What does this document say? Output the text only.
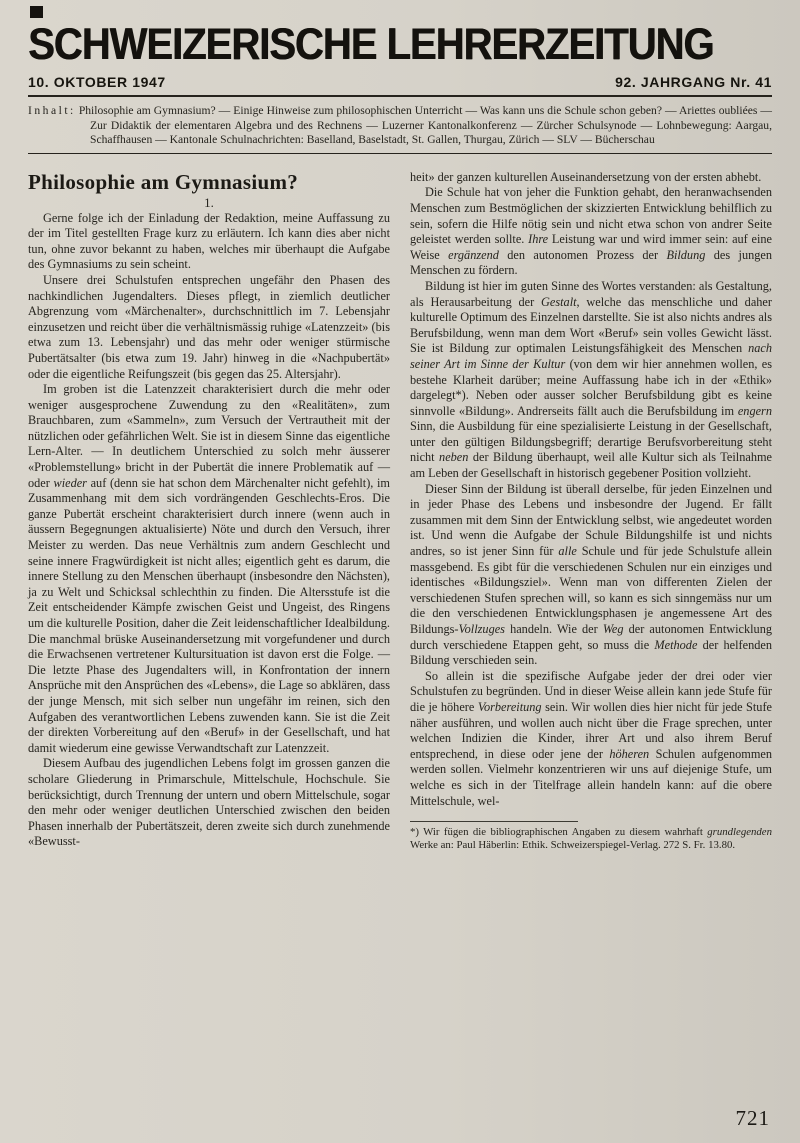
SCHWEIZERISCHE LEHRERZEITUNG
10. OKTOBER 1947	92. JAHRGANG Nr. 41

Inhalt: Philosophie am Gymnasium? — Einige Hinweise zum philosophischen Unterricht — Was kann uns die Schule schon geben? — Ariettes oubliées — Zur Didaktik der elementaren Algebra und des Rechnens — Luzerner Kantonalkonferenz — Zürcher Schulsynode — Lohnbewegung: Aargau, Schaffhausen — Kantonale Schulnachrichten: Baselland, Baselstadt, St. Gallen, Thurgau, Zürich — SLV — Bücherschau

Philosophie am Gymnasium?

1.

Gerne folge ich der Einladung der Redaktion, meine Auffassung zu der im Titel gestellten Frage kurz zu erläutern. Ich kann dies aber nicht tun, ohne zuvor bekannt zu haben, welches mir überhaupt die Aufgabe des Gymnasiums zu sein scheint.

Unsere drei Schulstufen entsprechen ungefähr den Phasen des nachkindlichen Jugendalters. Dieses pflegt, in ziemlich deutlicher Abgrenzung vom «Märchenalter», durchschnittlich im 7. Lebensjahr einzusetzen und reicht über die verhältnismässig ruhige «Latenzzeit» (bis etwa zum 13. Lebensjahr) und das mehr oder weniger stürmische Pubertätsalter (bis etwa zum 19. Jahr) hinweg in die «Nachpubertät» oder die eigentliche Reifungszeit (bis gegen das 25. Altersjahr).

Im groben ist die Latenzzeit charakterisiert durch die mehr oder weniger ausgesprochene Zuwendung zu den «Realitäten», zum Brauchbaren, zum «Sammeln», zum Versuch der Vertrautheit mit der nützlichen oder gefährlichen Welt. Sie ist in diesem Sinne das eigentliche Lern-Alter. — In deutlichem Unterschied zu solch mehr äusserer «Problemstellung» bricht in der Pubertät die innere Problematik auf — oder wieder auf (denn sie hat schon dem Märchenalter nicht gefehlt), im Zusammenhang mit dem sich vordrängenden Geschlechts-Eros. Die ganze Pubertät erscheint charakterisiert durch innere (wenn auch in äussern Begegnungen aktualisierte) Nöte und durch den Versuch, ihrer Meister zu werden. Das neue Verhältnis zum andern Geschlecht und seine innere Fragwürdigkeit ist nicht alles; eigentlich geht es darum, die innere Stellung zu den Menschen überhaupt (insbesondre den Nächsten), ja zu Welt und Schicksal schlechthin zu finden. Die Altersstufe ist die Zeit entscheidender Kämpfe zwischen Geist und Ungeist, des Ringens um die kulturelle Position, daher die Zeit leidenschaftlicher Idealbildung. Die manchmal brüske Auseinandersetzung mit vorgefundener und durch die Erwachsenen vertretener Kultursituation ist davon erst die Folge. — Die letzte Phase des Jugendalters will, in Konfrontation der innern Ansprüche mit den Ansprüchen des «Lebens», die Lage so abklären, dass der junge Mensch, mit sich selber nun ungefähr im reinen, sich den Aufgaben des verantwortlichen Lebens zuwenden kann. Sie ist die Zeit der direkten Vorbereitung auf den «Beruf» in der Gesellschaft, und hat damit wiederum eine gewisse Verwandtschaft zur Latenzzeit.

Diesem Aufbau des jugendlichen Lebens folgt im grossen ganzen die scholare Gliederung in Primarschule, Mittelschule, Hochschule. Sie berücksichtigt, durch Trennung der untern und obern Mittelschule, sogar den mehr oder weniger deutlichen Unterschied zwischen den beiden Phasen innerhalb der Pubertätszeit, deren zweite sich durch zunehmende «Bewusst-

heit» der ganzen kulturellen Auseinandersetzung von der ersten abhebt.

Die Schule hat von jeher die Funktion gehabt, den heranwachsenden Menschen zum Bestmöglichen der skizzierten Entwicklung behilflich zu sein, sofern die Hilfe nötig sein und nicht etwa schon von andrer Seite geleistet werden sollte. Ihre Leistung war und wird immer sein: auf eine Weise ergänzend den autonomen Prozess der Bildung des jungen Menschen zu fördern.

Bildung ist hier im guten Sinne des Wortes verstanden: als Gestaltung, als Herausarbeitung der Gestalt, welche das menschliche und daher kulturelle Optimum des Einzelnen darstellte. Sie ist also nichts andres als Berufsbildung, wenn man dem Wort «Beruf» sein volles Gewicht lässt. Sie ist Bildung zur optimalen Leistungsfähigkeit des Menschen nach seiner Art im Sinne der Kultur (von dem wir hier annehmen wollen, es bestehe Klarheit darüber; meine Auffassung habe ich in der «Ethik» dargelegt*). Neben oder ausser solcher Berufsbildung gibt es keine sinnvolle «Bildung». Andrerseits fällt auch die Berufsbildung im engern Sinn, die Ausbildung für eine spezialisierte Leistung in der Gesellschaft, unter den gültigen Bildungsbegriff; derartige Berufsvorbereitung steht nicht neben der Bildung überhaupt, weil alle Kultur sich als Teilnahme am Leben der Gesellschaft in historisch gegebener Position vollzieht.

Dieser Sinn der Bildung ist überall derselbe, für jeden Einzelnen und in jeder Phase des Lebens und insbesondre der Jugend. Er fällt zusammen mit dem Sinn der Entwicklung selbst, wie angedeutet worden ist. Und wenn die Aufgabe der Schule Bildungshilfe ist und nichts andres, so ist jener Sinn für alle Schule und für jede Schulstufe allein massgebend. Es gibt für die verschiedenen Schulen nur ein einziges und identisches «Bildungsziel». Wenn man von differenten Zielen der verschiedenen Stufen sprechen will, so kann es sich sinngemäss nur um die den verschiedenen Entwicklungsphasen je angemessene Art des Bildungs-Vollzuges handeln. Wie der Weg der autonomen Entwicklung durch verschiedene Etappen geht, so muss die Methode der helfenden Bildung verschieden sein.

So allein ist die spezifische Aufgabe jeder der drei oder vier Schulstufen zu begründen. Und in dieser Weise allein kann jede Stufe für die je höhere Vorbereitung sein. Wir wollen dies hier nicht für jede Stufe näher ausführen, und wollen auch nicht über die Frage sprechen, unter welchen Indizien die Kinder, ihrer Art und also ihrem Beruf entsprechend, in diese oder jene der höheren Schulen aufgenommen werden sollen. Vielmehr konzentrieren wir uns auf diejenige Stufe, um welche es sich in der Titelfrage allein handeln kann: auf die obere Mittelschule, wel-

*) Wir fügen die bibliographischen Angaben zu diesem wahrhaft grundlegenden Werke an: Paul Häberlin: Ethik. Schweizerspiegel-Verlag. 272 S. Fr. 13.80.

721
